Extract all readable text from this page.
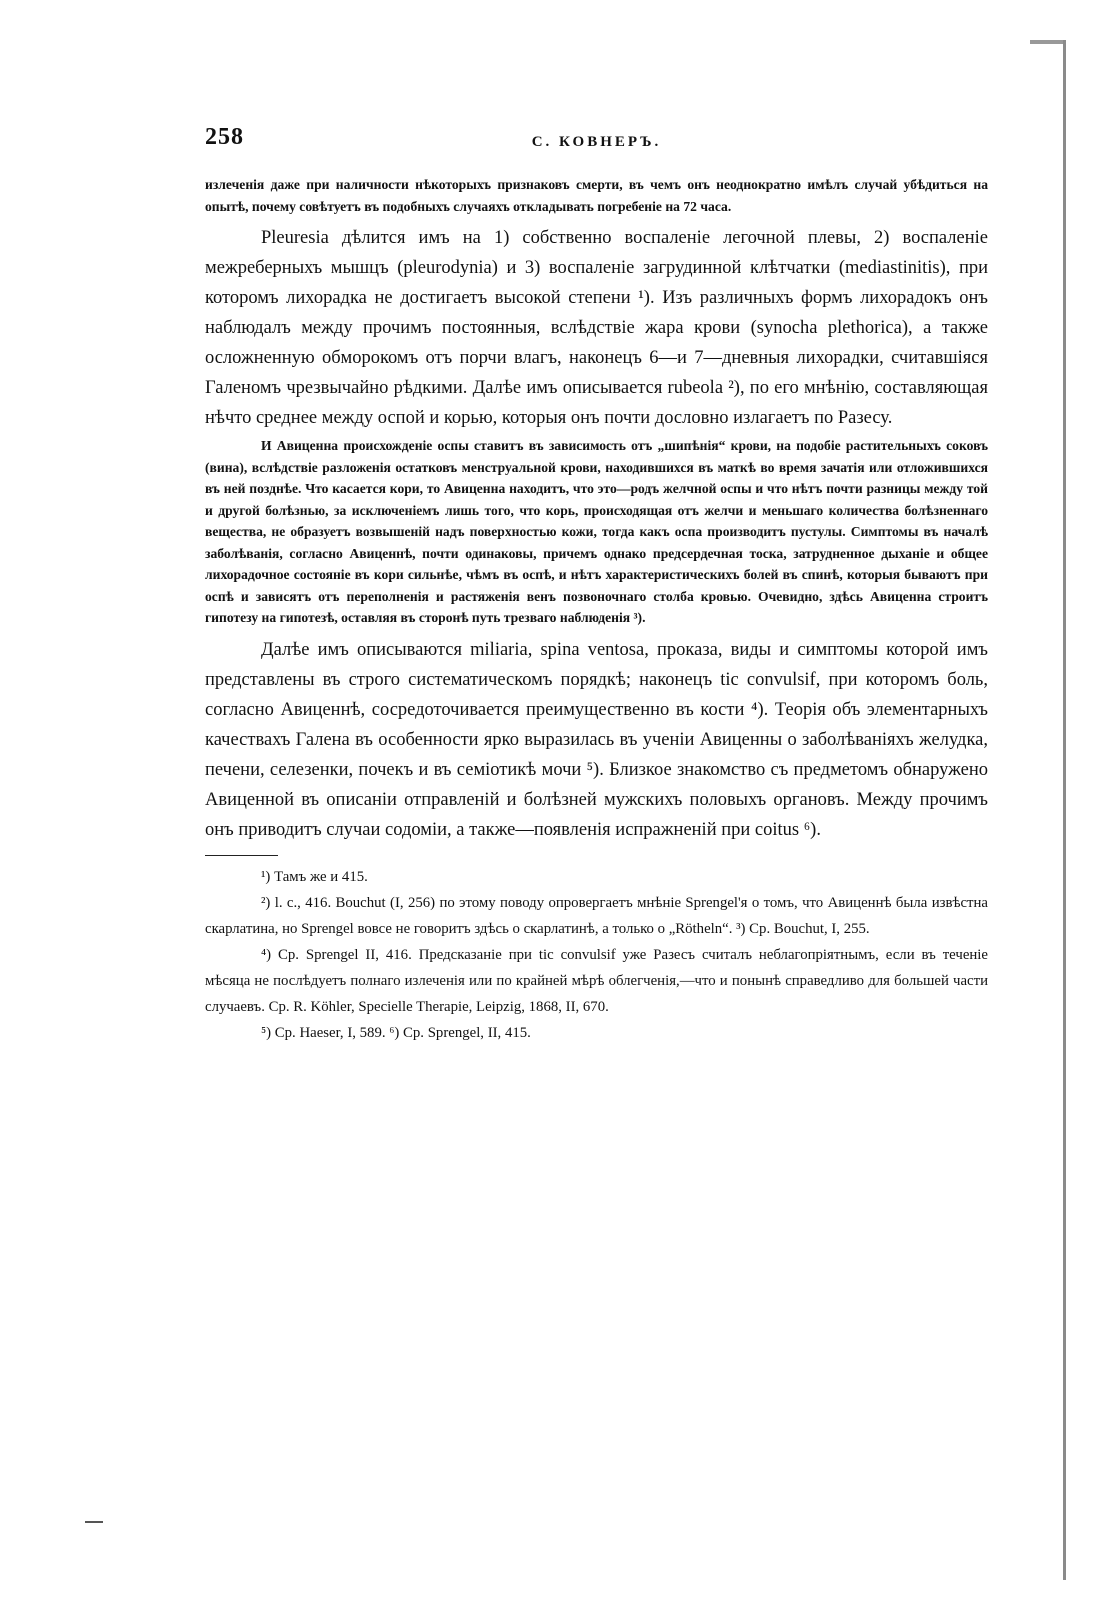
258	С. КОВНЕРЪ.

излеченія даже при наличности нѣкоторыхъ признаковъ смерти, въ чемъ онъ неоднократно имѣлъ случай убѣдиться на опытѣ, почему совѣтуетъ въ подобныхъ случаяхъ откладывать погребеніе на 72 часа.

Pleuresia дѣлится имъ на 1) собственно воспаленіе легочной плевы, 2) воспаленіе межреберныхъ мышцъ (pleurodynia) и 3) воспаленіе загрудинной клѣтчатки (mediastinitis), при которомъ лихорадка не достигаетъ высокой степени ¹). Изъ различныхъ формъ лихорадокъ онъ наблюдалъ между прочимъ постоянныя, вслѣдствіе жара крови (synocha plethorica), а также осложненную обморокомъ отъ порчи влагъ, наконецъ 6—и 7—дневныя лихорадки, считавшіяся Галеномъ чрезвычайно рѣдкими. Далѣе имъ описывается rubeola ²), по его мнѣнію, составляющая нѣчто среднее между оспой и корью, которыя онъ почти дословно излагаетъ по Разесу.

И Авиценна происхожденіе оспы ставитъ въ зависимость отъ „шипѣнія“ крови, на подобіе растительныхъ соковъ (вина), вслѣдствіе разложенія остатковъ менструальной крови, находившихся въ маткѣ во время зачатія или отложившихся въ ней позднѣе. Что касается кори, то Авиценна находитъ, что это—родъ желчной оспы и что нѣтъ почти разницы между той и другой болѣзнью, за исключеніемъ лишь того, что корь, происходящая отъ желчи и меньшаго количества болѣзненнаго вещества, не образуетъ возвышеній надъ поверхностью кожи, тогда какъ оспа производитъ пустулы. Симптомы въ началѣ заболѣванія, согласно Авиценнѣ, почти одинаковы, причемъ однако предсердечная тоска, затрудненное дыханіе и общее лихорадочное состояніе въ кори сильнѣе, чѣмъ въ оспѣ, и нѣтъ характеристическихъ болей въ спинѣ, которыя бываютъ при оспѣ и зависятъ отъ переполненія и растяженія венъ позвоночнаго столба кровью. Очевидно, здѣсь Авиценна строитъ гипотезу на гипотезѣ, оставляя въ сторонѣ путь трезваго наблюденія ³).

Далѣе имъ описываются miliaria, spina ventosa, проказа, виды и симптомы которой имъ представлены въ строго систематическомъ порядкѣ; наконецъ tic convulsif, при которомъ боль, согласно Авиценнѣ, сосредоточивается преимущественно въ кости ⁴). Теорія объ элементарныхъ качествахъ Галена въ особенности ярко выразилась въ ученіи Авиценны о заболѣваніяхъ желудка, печени, селезенки, почекъ и въ семіотикѣ мочи ⁵). Близкое знакомство съ предметомъ обнаружено Авиценной въ описаніи отправленій и болѣзней мужскихъ половыхъ органовъ. Между прочимъ онъ приводитъ случаи содоміи, а также—появленія испражненій при coitus ⁶).

¹) Тамъ же и 415.

²) l. с., 416. Bouchut (I, 256) по этому поводу опровергаетъ мнѣніе Sprengel'я о томъ, что Авиценнѣ была извѣстна скарлатина, но Sprengel вовсе не говоритъ здѣсь о скарлатинѣ, а только о „Rötheln“. ³) Ср. Bouchut, I, 255.

⁴) Ср. Sprengel II, 416. Предсказаніе при tic convulsif уже Разесъ считалъ неблагопріятнымъ, если въ теченіе мѣсяца не послѣдуетъ полнаго излеченія или по крайней мѣрѣ облегченія,—что и понынѣ справедливо для большей части случаевъ. Ср. R. Köhler, Specielle Therapie, Leipzig, 1868, II, 670.

⁵) Ср. Haeser, I, 589. ⁶) Ср. Sprengel, II, 415.
